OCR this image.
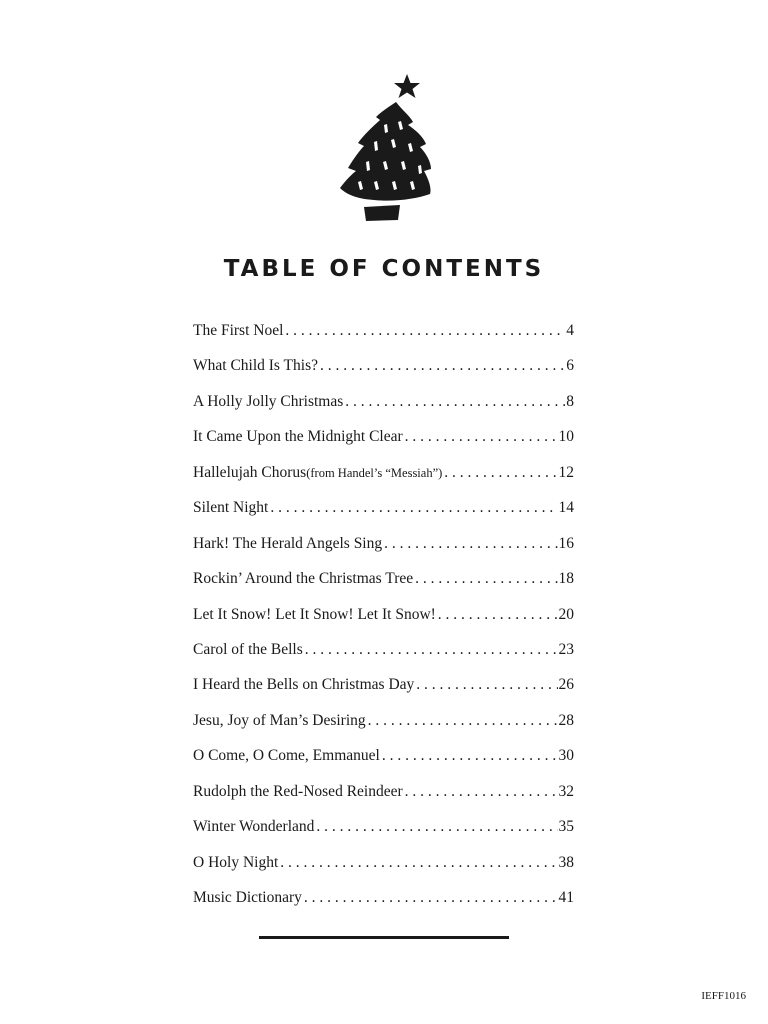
TABLE OF CONTENTS
The First Noel . . .	4
What Child Is This? . . .	6
A Holly Jolly Christmas . . .	8
It Came Upon the Midnight Clear . . .	10
Hallelujah Chorus (from Handel’s “Messiah”) . . .	12
Silent Night . . .	14
Hark! The Herald Angels Sing . . .	16
Rockin’ Around the Christmas Tree . . .	18
Let It Snow! Let It Snow! Let It Snow! . . .	20
Carol of the Bells . . .	23
I Heard the Bells on Christmas Day . . .	26
Jesu, Joy of Man’s Desiring . . .	28
O Come, O Come, Emmanuel . . .	30
Rudolph the Red-Nosed Reindeer . . .	32
Winter Wonderland . . .	35
O Holy Night . . .	38
Music Dictionary . . .	41
IEFF1016
